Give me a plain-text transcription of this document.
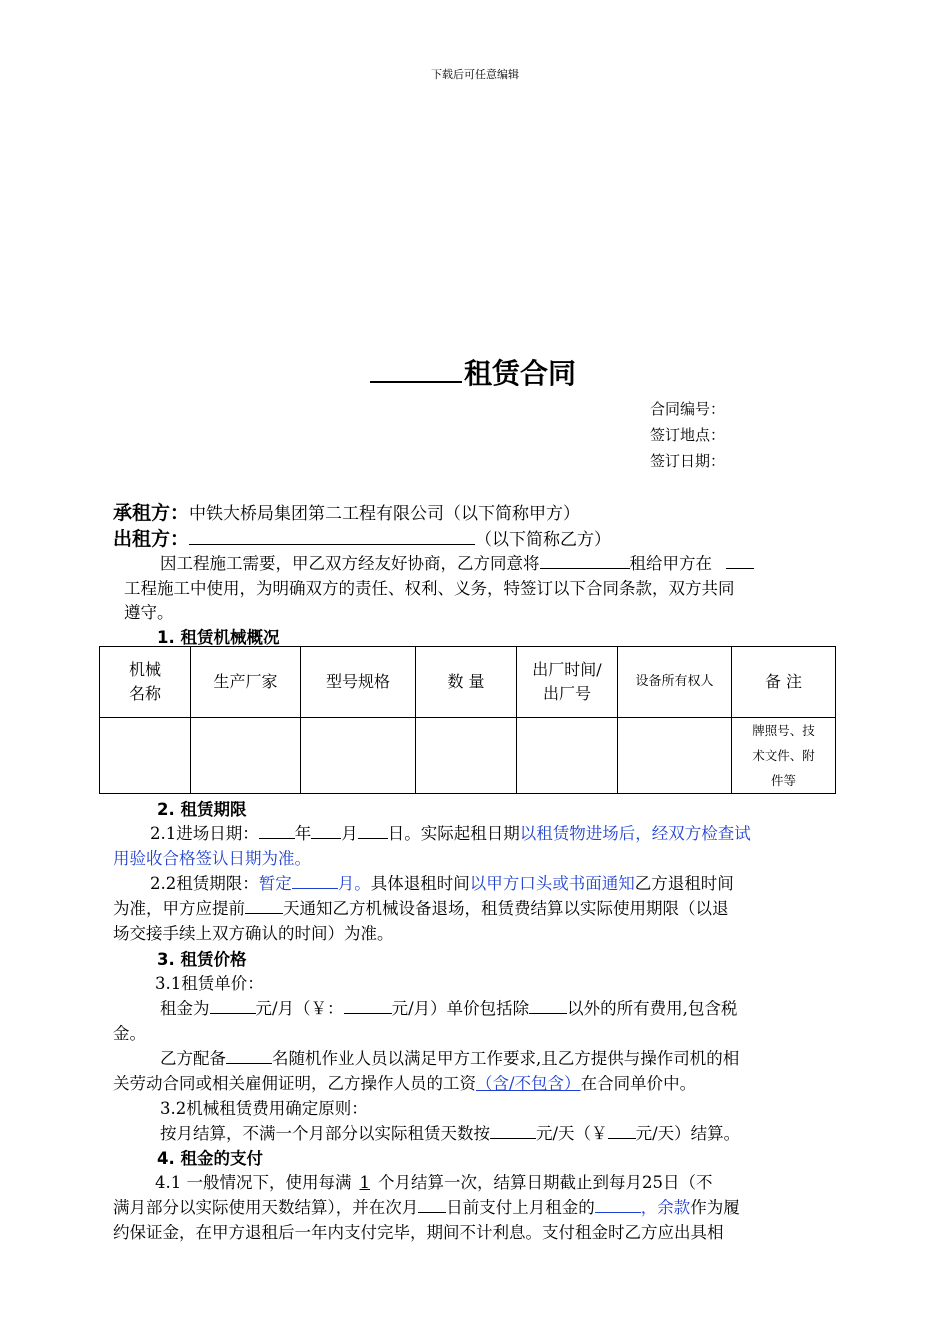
下载后可任意编辑
租赁合同
合同编号：
签订地点：
签订日期：
承租方：中铁大桥局集团第二工程有限公司（以下简称甲方）
出租方：	（以下简称乙方）
因工程施工需要，甲乙双方经友好协商，乙方同意将	租给甲方在
工程施工中使用，为明确双方的责任、权利、义务，特签订以下合同条款，双方共同
遵守。
1. 租赁机械概况
机械名称	生产厂家	型号规格	数 量	出厂时间/出厂号	设备所有权人	备 注

						牌照号、技
术文件、附
件等
2. 租赁期限
2.1进场日期： 年 月 日。实际起租日期以租赁物进场后，经双方检查试
用验收合格签认日期为准。
2.2租赁期限：暂定	月。具体退租时间以甲方口头或书面通知乙方退租时间
为准，甲方应提前 天通知乙方机械设备退场，租赁费结算以实际使用期限（以退
场交接手续上双方确认的时间）为准。
3. 租赁价格
3.1租赁单价：
租金为	元/月（￥：	元/月）单价包括除 以外的所有费用,包含税
金。
乙方配备	名随机作业人员以满足甲方工作要求,且乙方提供与操作司机的相
关劳动合同或相关雇佣证明，乙方操作人员的工资（含/不包含）在合同单价中。
3.2机械租赁费用确定原则：
按月结算，不满一个月部分以实际租赁天数按	元/天（￥ 元/天）结算。
4. 租金的支付
4.1 一般情况下，使用每满 1 个月结算一次，结算日期截止到每月25日（不
满月部分以实际使用天数结算），并在次月 日前支付上月租金的	，余款作为履
约保证金，在甲方退租后一年内支付完毕，期间不计利息。支付租金时乙方应出具相
